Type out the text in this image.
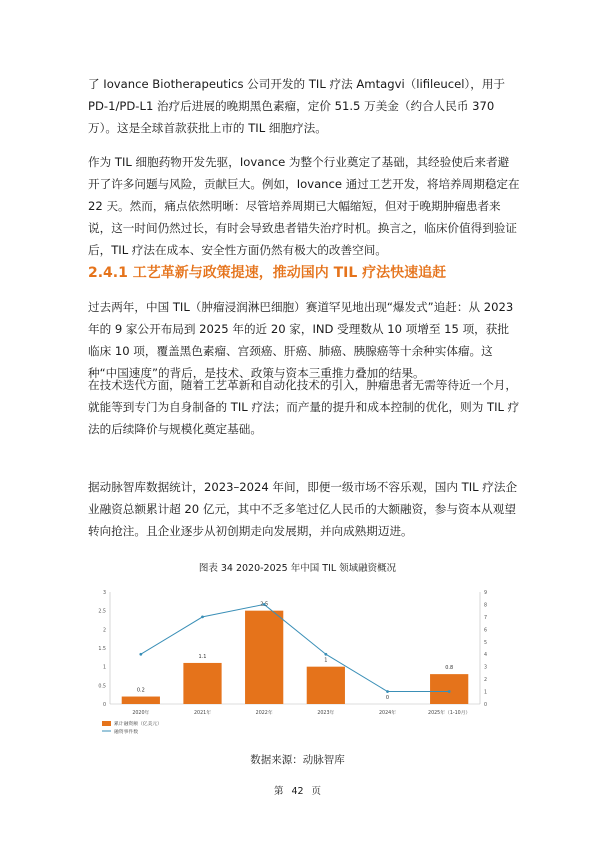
了 Iovance Biotherapeutics 公司开发的 TIL 疗法 Amtagvi（lifileucel），用于PD-1/PD-L1 治疗后进展的晚期黑色素瘤，定价 51.5 万美金（约合人民币 370万）。这是全球首款获批上市的 TIL 细胞疗法。

作为 TIL 细胞药物开发先驱，Iovance 为整个行业奠定了基础，其经验使后来者避开了许多问题与风险，贡献巨大。例如，Iovance 通过工艺开发，将培养周期稳定在 22 天。然而，痛点依然明晰：尽管培养周期已大幅缩短，但对于晚期肿瘤患者来说，这一时间仍然过长，有时会导致患者错失治疗时机。换言之，临床价值得到验证后，TIL 疗法在成本、安全性方面仍然有极大的改善空间。

2.4.1 工艺革新与政策提速，推动国内 TIL 疗法快速追赶

过去两年，中国 TIL（肿瘤浸润淋巴细胞）赛道罕见地出现“爆发式”追赶：从 2023年的 9 家公开布局到 2025 年的近 20 家，IND 受理数从 10 项增至 15 项，获批临床 10 项，覆盖黑色素瘤、宫颈癌、肝癌、肺癌、胰腺癌等十余种实体瘤。这种“中国速度”的背后，是技术、政策与资本三重推力叠加的结果。

在技术迭代方面，随着工艺革新和自动化技术的引入，肿瘤患者无需等待近一个月，就能等到专门为自身制备的 TIL 疗法；而产量的提升和成本控制的优化，则为 TIL 疗法的后续降价与规模化奠定基础。

据动脉智库数据统计，2023–2024 年间，即便一级市场不容乐观，国内 TIL 疗法企业融资总额累计超 20 亿元，其中不乏多笔过亿人民币的大额融资，参与资本从观望转向抢注。且企业逐步从初创期走向发展期，并向成熟期迈进。

图表 34 2020-2025 年中国 TIL 领域融资概况

0
0.5
1
1.5
2
2.5
3
0
1
2
3
4
5
6
7
8
9
0.2
1.1
2.5
1
0
0.8
2020年	2021年	2022年	2023年	2024年	2025年（1-10月）
累计融资额（亿美元）
融资事件数

数据来源：动脉智库

第 42 页
